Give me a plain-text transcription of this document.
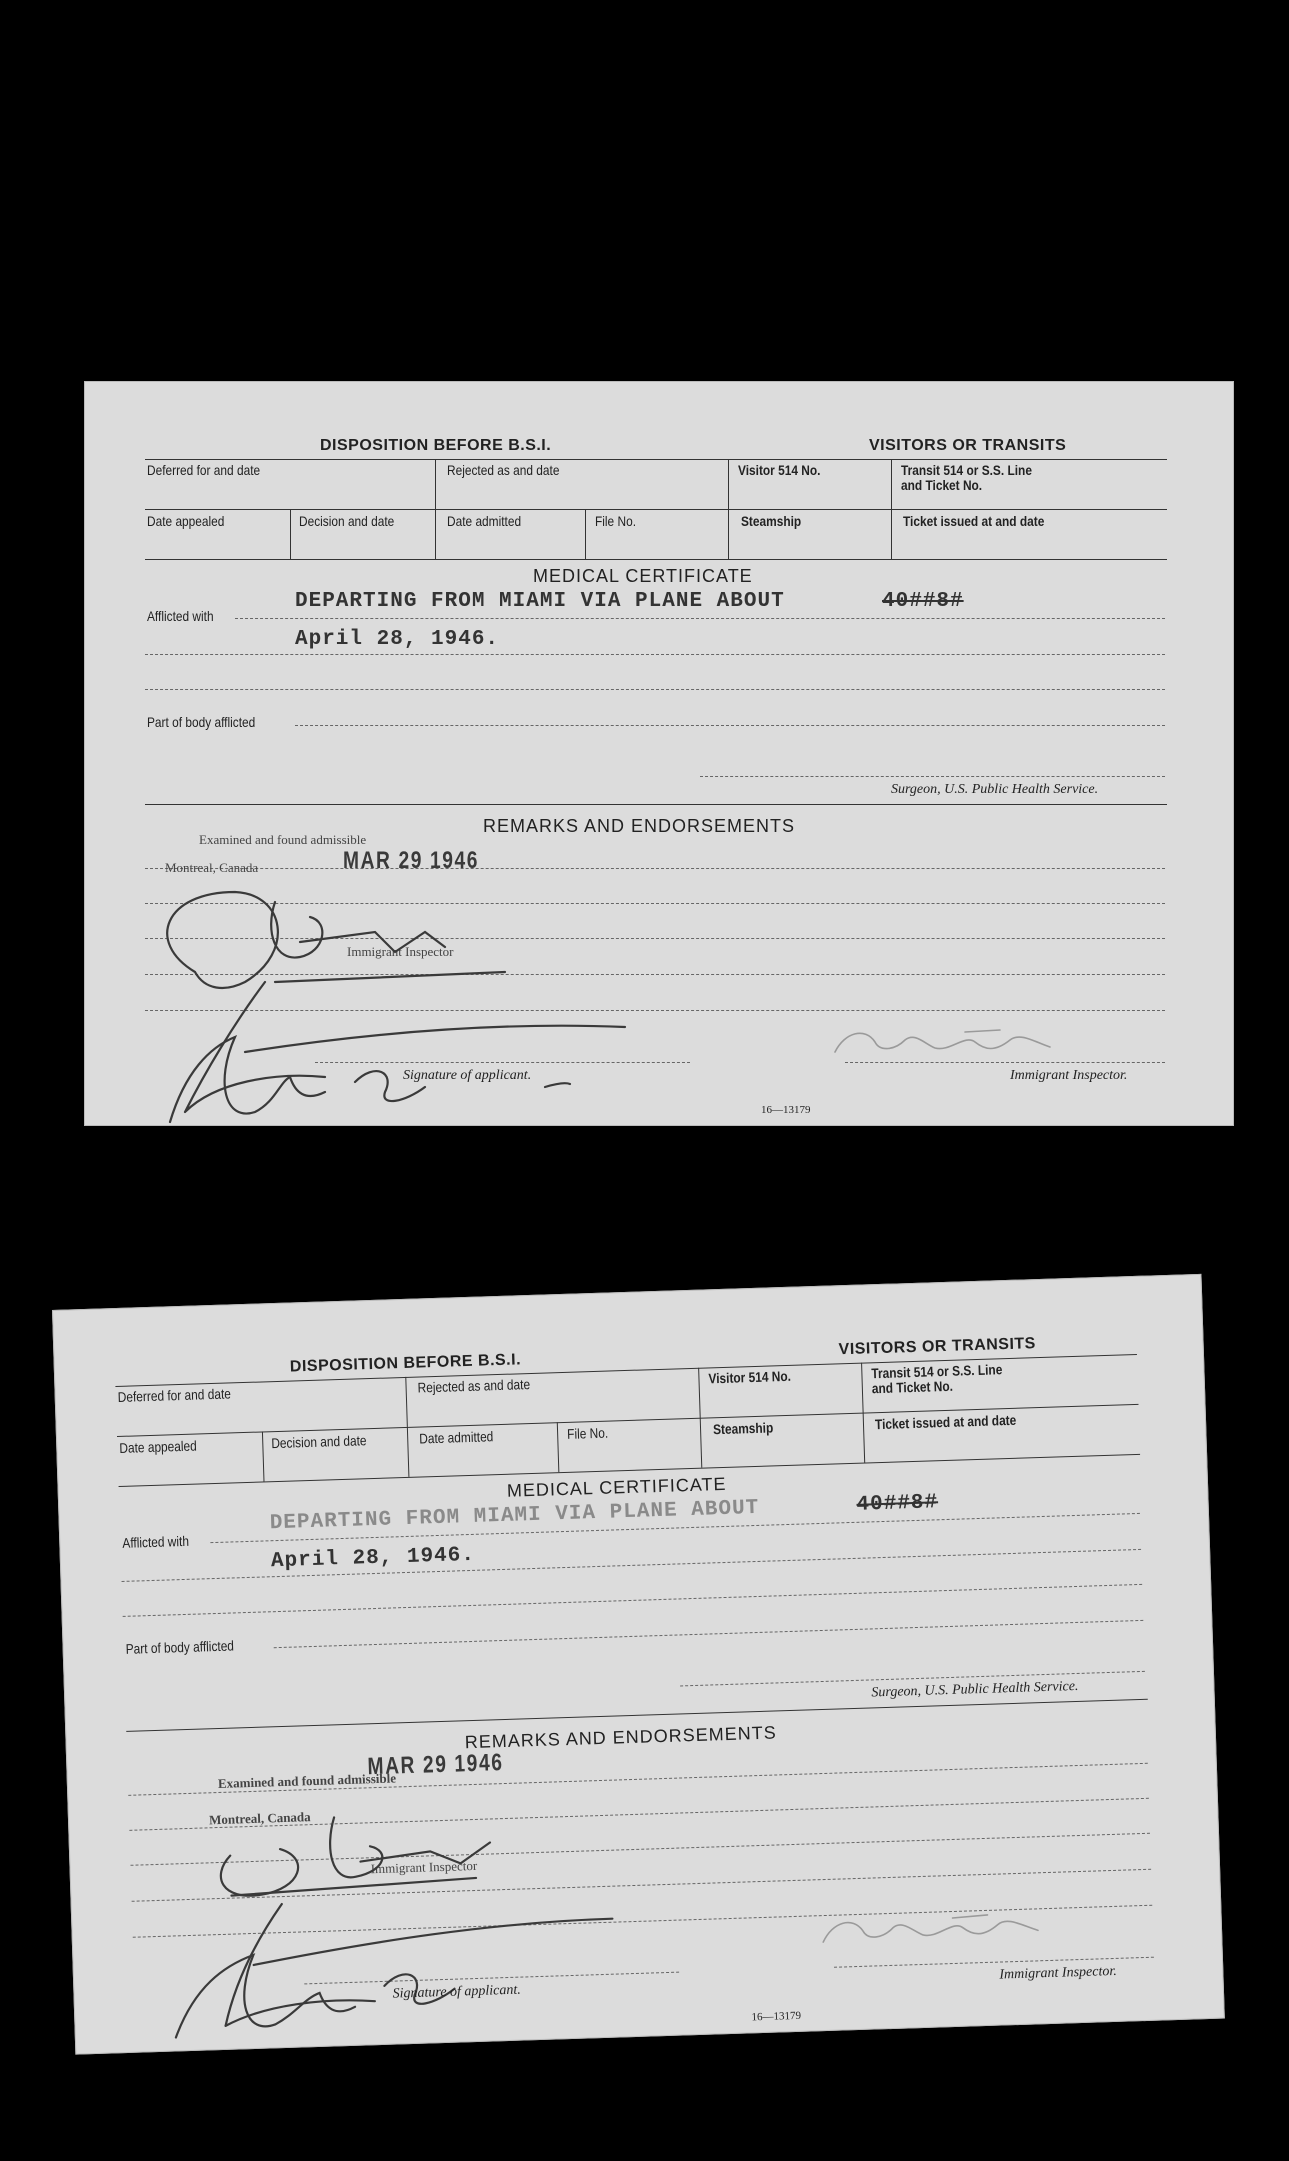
DISPOSITION BEFORE B.S.I.	VISITORS OR TRANSITS
Deferred for and date	Rejected as and date	Visitor 514 No.	Transit 514 or S.S. Line
and Ticket No.
Date appealed	Decision and date	Date admitted	File No.	Steamship	Ticket issued at and date
MEDICAL CERTIFICATE
Afflicted with
DEPARTING FROM MIAMI VIA PLANE ABOUT	40##8#
April 28, 1946.
Part of body afflicted
Surgeon, U.S. Public Health Service.
REMARKS AND ENDORSEMENTS
Examined and found admissible
Montreal, Canada	MAR 29 1946
Immigrant Inspector
Signature of applicant.	Immigrant Inspector.
16—13179
DISPOSITION BEFORE B.S.I.
VISITORS OR TRANSITS
Deferred for and date	Rejected as and date	Visitor 514 No.	Transit 514 or S.S. Line
and Ticket No.
Date appealed	Decision and date	Date admitted	File No.	Steamship	Ticket issued at and date
MEDICAL CERTIFICATE
Afflicted with
DEPARTING FROM MIAMI VIA PLANE ABOUT	40##8#
April 28, 1946.
Part of body afflicted
Surgeon, U.S. Public Health Service.
REMARKS AND ENDORSEMENTS
Examined and found admissible
Montreal, Canada
MAR 29 1946
Immigrant Inspector
Signature of applicant.
Immigrant Inspector.
16—13179
